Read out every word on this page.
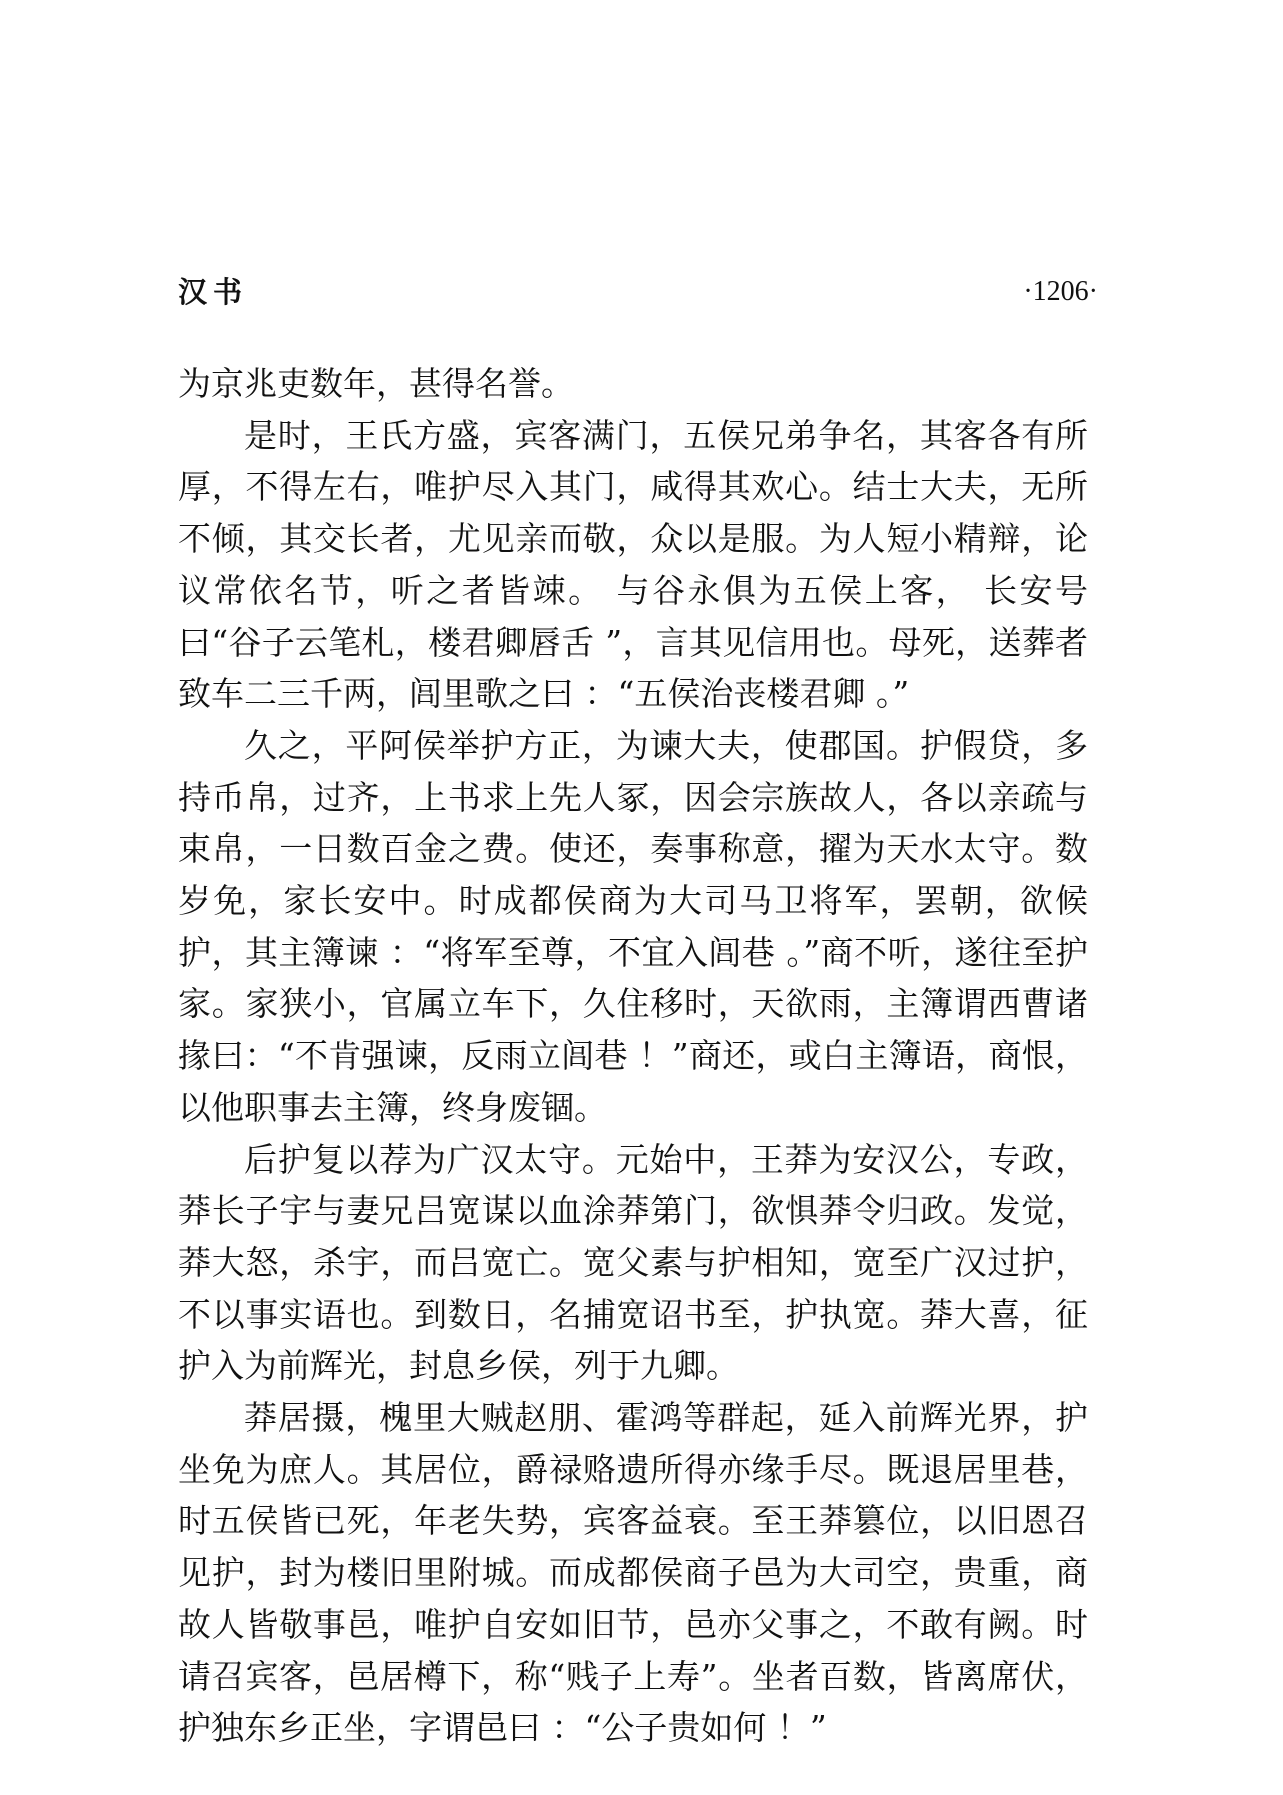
汉书	·1206·

为京兆吏数年，甚得名誉。

是时，王氏方盛，宾客满门，五侯兄弟争名，其客各有所厚，不得左右，唯护尽入其门，咸得其欢心。结士大夫，无所不倾，其交长者，尤见亲而敬，众以是服。为人短小精辩，论议常依名节，听之者皆竦。 与谷永俱为五侯上客， 长安号曰“谷子云笔札，楼君卿唇舌 ”，言其见信用也。母死，送葬者致车二三千两，闾里歌之曰 ：“五侯治丧楼君卿 。”

久之，平阿侯举护方正，为谏大夫，使郡国。护假贷，多持币帛，过齐，上书求上先人冢，因会宗族故人，各以亲疏与束帛，一日数百金之费。使还，奏事称意，擢为天水太守。数岁免，家长安中。时成都侯商为大司马卫将军，罢朝，欲候护，其主簿谏 ：“将军至尊，不宜入闾巷 。”商不听，遂往至护家。家狭小，官属立车下，久住移时，天欲雨，主簿谓西曹诸掾曰：“不肯强谏，反雨立闾巷 ！”商还，或白主簿语，商恨，以他职事去主簿，终身废锢。

后护复以荐为广汉太守。元始中，王莽为安汉公，专政，莽长子宇与妻兄吕宽谋以血涂莽第门，欲惧莽令归政。发觉，莽大怒，杀宇，而吕宽亡。宽父素与护相知，宽至广汉过护，不以事实语也。到数日，名捕宽诏书至，护执宽。莽大喜，征护入为前辉光，封息乡侯，列于九卿。

莽居摄，槐里大贼赵朋、霍鸿等群起，延入前辉光界，护坐免为庶人。其居位，爵禄赂遗所得亦缘手尽。既退居里巷，时五侯皆已死，年老失势，宾客益衰。至王莽篡位，以旧恩召见护，封为楼旧里附城。而成都侯商子邑为大司空，贵重，商故人皆敬事邑，唯护自安如旧节，邑亦父事之，不敢有阙。时请召宾客，邑居樽下，称“贱子上寿”。坐者百数，皆离席伏，护独东乡正坐，字谓邑曰 ：“公子贵如何 ！”
